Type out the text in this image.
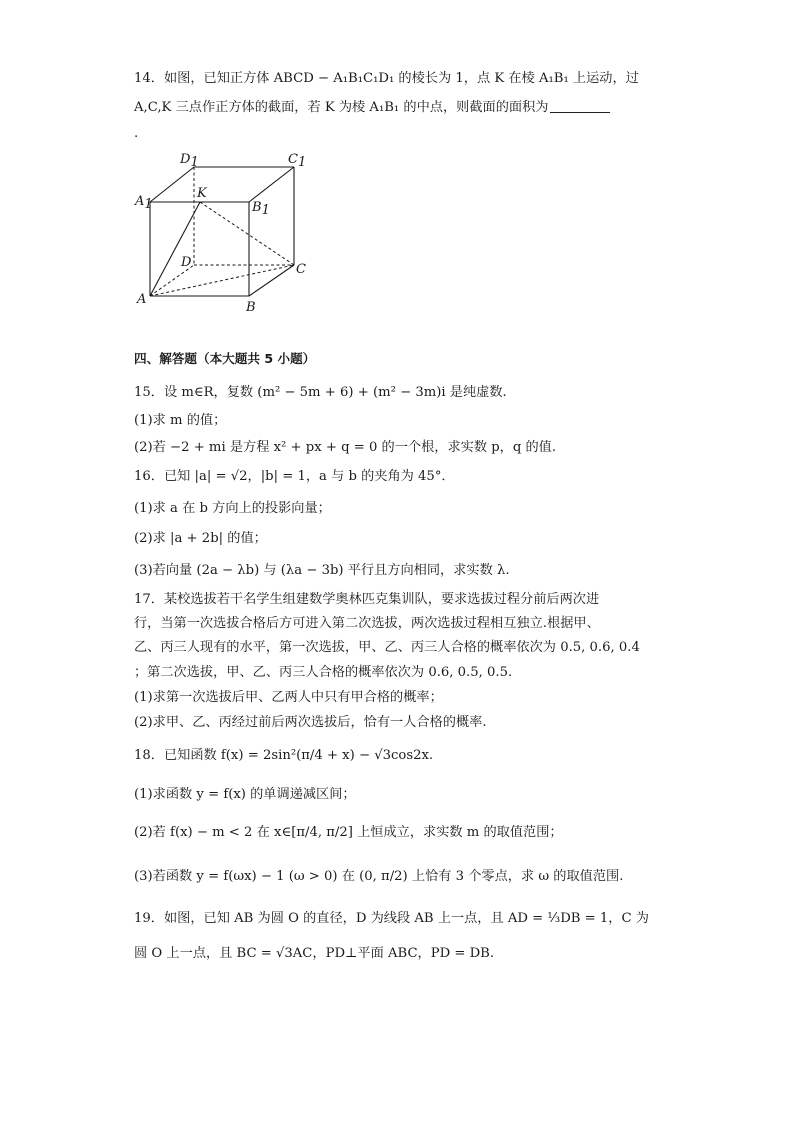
14．如图，已知正方体 ABCD − A₁B₁C₁D₁ 的棱长为 1，点 K 在棱 A₁B₁ 上运动，过
A,C,K 三点作正方体的截面，若 K 为棱 A₁B₁ 的中点，则截面的面积为
.
D1	C1
A1	B1
K
D	C
A
B
四、解答题（本大题共 5 小题）
15．设 m∈R，复数 (m² − 5m + 6) + (m² − 3m)i 是纯虚数.
(1)求 m 的值；
(2)若 −2 + mi 是方程 x² + px + q = 0 的一个根，求实数 p，q 的值.
16．已知 |a| = √2，|b| = 1，a 与 b 的夹角为 45°．
(1)求 a 在 b 方向上的投影向量；
(2)求 |a + 2b| 的值；
(3)若向量 (2a − λb) 与 (λa − 3b) 平行且方向相同，求实数 λ.
17．某校选拔若干名学生组建数学奥林匹克集训队，要求选拔过程分前后两次进
行，当第一次选拔合格后方可进入第二次选拔，两次选拔过程相互独立.根据甲、
乙、丙三人现有的水平，第一次选拔，甲、乙、丙三人合格的概率依次为 0.5, 0.6, 0.4
；第二次选拔，甲、乙、丙三人合格的概率依次为 0.6, 0.5, 0.5.
(1)求第一次选拔后甲、乙两人中只有甲合格的概率；
(2)求甲、乙、丙经过前后两次选拔后，恰有一人合格的概率.
18．已知函数 f(x) = 2sin²(π/4 + x) − √3cos2x.
(1)求函数 y = f(x) 的单调递减区间；
(2)若 f(x) − m < 2 在 x∈[π/4, π/2] 上恒成立，求实数 m 的取值范围；
(3)若函数 y = f(ωx) − 1 (ω > 0) 在 (0, π/2) 上恰有 3 个零点，求 ω 的取值范围.
19．如图，已知 AB 为圆 O 的直径，D 为线段 AB 上一点，且 AD = ⅓DB = 1，C 为
圆 O 上一点，且 BC = √3AC，PD⊥平面 ABC，PD = DB.
